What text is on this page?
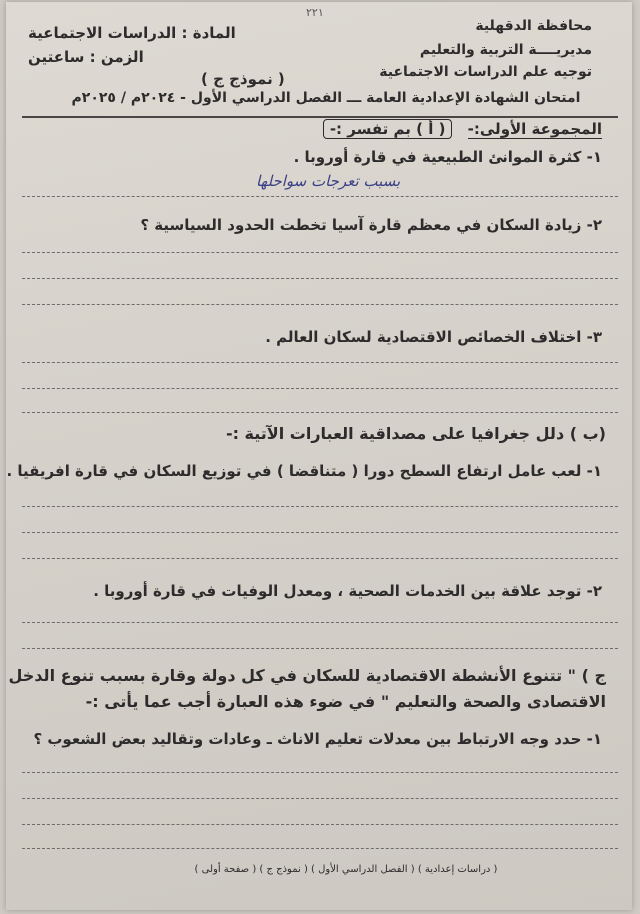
٢٢١
محافظة الدقهلية
مديريــــة التربية والتعليم
توجيه علم الدراسات الاجتماعية
المادة : الدراسات الاجتماعية
الزمن : ساعتين
( نموذج ج )
امتحان الشهادة الإعدادية العامة ـــ الفصل الدراسي الأول - ٢٠٢٤م / ٢٠٢٥م
المجموعة الأولى:- ( أ ) بم تفسر :-
١- كثرة الموانئ الطبيعية في قارة أوروبا .
بسبب تعرجات سواحلها
٢- زيادة السكان في معظم قارة آسيا تخطت الحدود السياسية ؟
٣- اختلاف الخصائص الاقتصادية لسكان العالم .
(ب ) دلل جغرافيا على مصداقية العبارات الآتية :-
١- لعب عامل ارتفاع السطح دورا ( متناقضا ) في توزيع السكان في قارة افريقيا .
٢- توجد علاقة بين الخدمات الصحية ، ومعدل الوفيات في قارة أوروبا .
ج ) " تتنوع الأنشطة الاقتصادية للسكان في كل دولة وقارة بسبب تنوع الدخل
الاقتصادى والصحة والتعليم " في ضوء هذه العبارة أجب عما يأتى :-
١- حدد وجه الارتباط بين معدلات تعليم الاناث ـ وعادات وتقاليد بعض الشعوب ؟
( دراسات إعدادية ) ( الفصل الدراسي الأول ) ( نموذج ج ) ( صفحة أولى )
